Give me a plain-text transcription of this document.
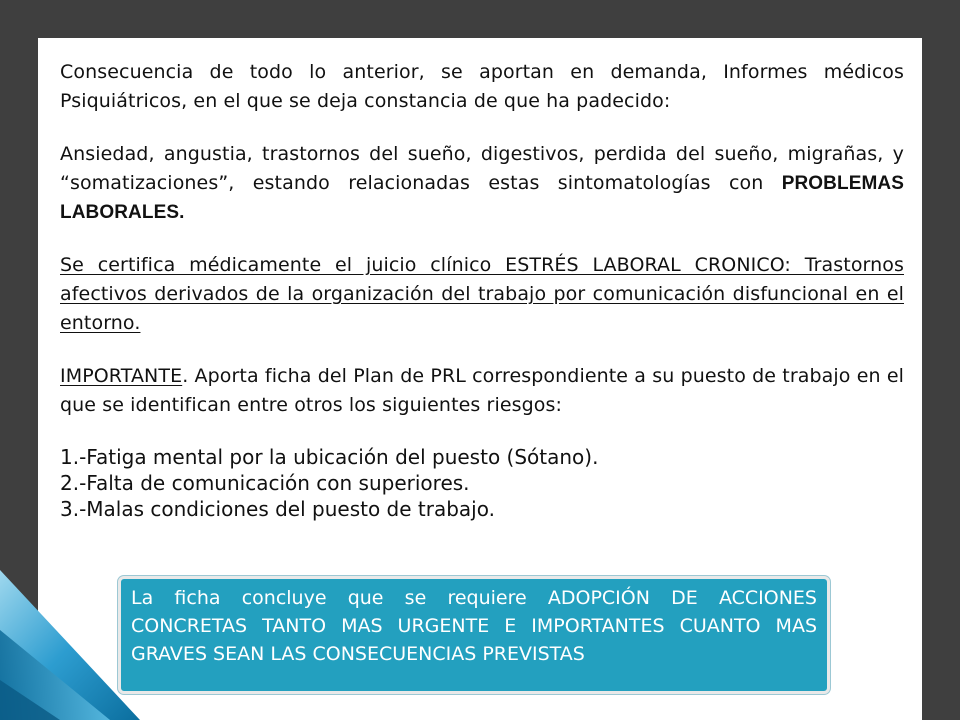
Consecuencia de todo lo anterior, se aportan en demanda, Informes médicos Psiquiátricos, en el que se deja constancia de que ha padecido:

Ansiedad, angustia, trastornos del sueño, digestivos, perdida del sueño, migrañas, y “somatizaciones”, estando relacionadas estas sintomatologías con PROBLEMAS LABORALES.

Se certifica médicamente el juicio clínico ESTRÉS LABORAL CRONICO: Trastornos afectivos derivados de la organización del trabajo por comunicación disfuncional en el entorno.

IMPORTANTE. Aporta ficha del Plan de PRL correspondiente a su puesto de trabajo en el que se identifican entre otros los siguientes riesgos:

1.-Fatiga mental por la ubicación del puesto (Sótano).
2.-Falta de comunicación con superiores.
3.-Malas condiciones del puesto de trabajo.
La ficha concluye que se requiere ADOPCIÓN DE ACCIONES CONCRETAS TANTO MAS URGENTE E IMPORTANTES CUANTO MAS GRAVES SEAN LAS CONSECUENCIAS PREVISTAS
